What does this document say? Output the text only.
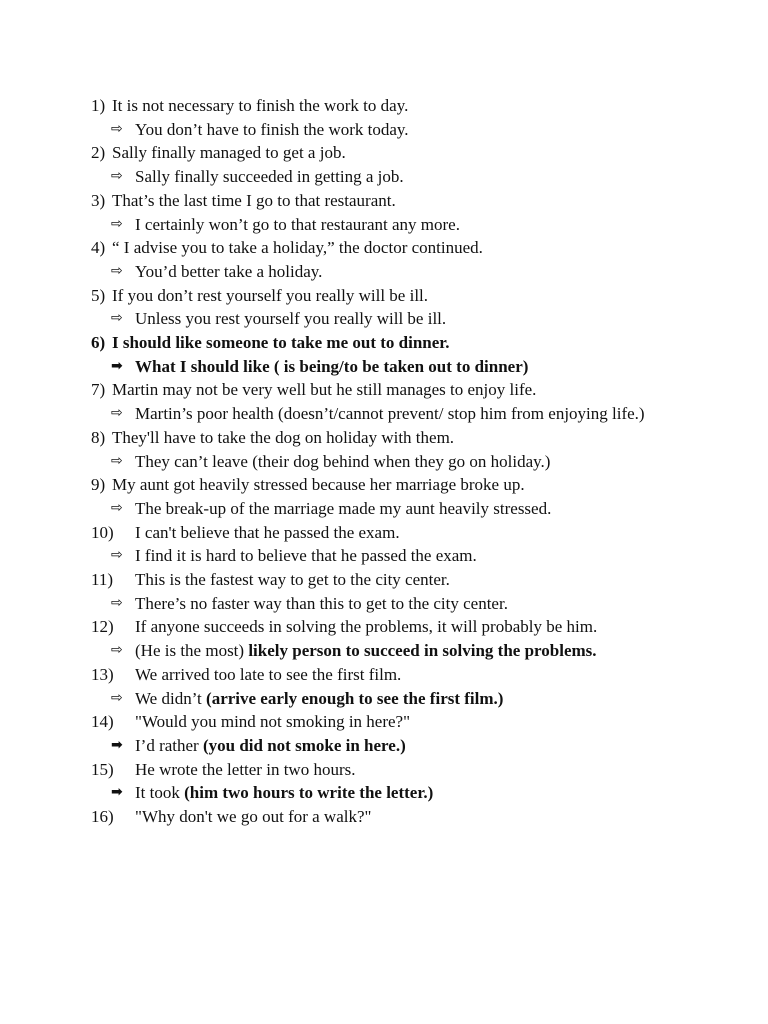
1) It is not necessary to finish the work to day.
⇨ You don’t have to finish the work today.
2) Sally finally managed to get a job.
⇨ Sally finally succeeded in getting a job.
3) That’s the last time I go to that restaurant.
⇨ I certainly won’t go to that restaurant any more.
4) “ I advise you to take a holiday,” the doctor continued.
⇨ You’d better take a holiday.
5) If you don’t rest yourself you really will be ill.
⇨ Unless you rest yourself you really will be ill.
6) I should like someone to take me out to dinner.
➡ What I should like ( is being/to be taken out to dinner)
7) Martin may not be very well but he still manages to enjoy life.
⇨ Martin’s poor health (doesn’t/cannot prevent/ stop him from enjoying life.)
8) They'll have to take the dog on holiday with them.
⇨ They can’t leave (their dog behind when they go on holiday.)
9) My aunt got heavily stressed because her marriage broke up.
⇨ The break-up of the marriage made my aunt heavily stressed.
10) I can't believe that he passed the exam.
⇨ I find it is hard to believe that he passed the exam.
11) This is the fastest way to get to the city center.
⇨ There’s no faster way than this to get to the city center.
12) If anyone succeeds in solving the problems, it will probably be him.
⇨ (He is the most) likely person to succeed in solving the problems.
13) We arrived too late to see the first film.
⇨ We didn’t (arrive early enough to see the first film.)
14) "Would you mind not smoking in here?"
➡ I’d rather (you did not smoke in here.)
15) He wrote the letter in two hours.
➡ It took (him two hours to write the letter.)
16) "Why don't we go out for a walk?"
